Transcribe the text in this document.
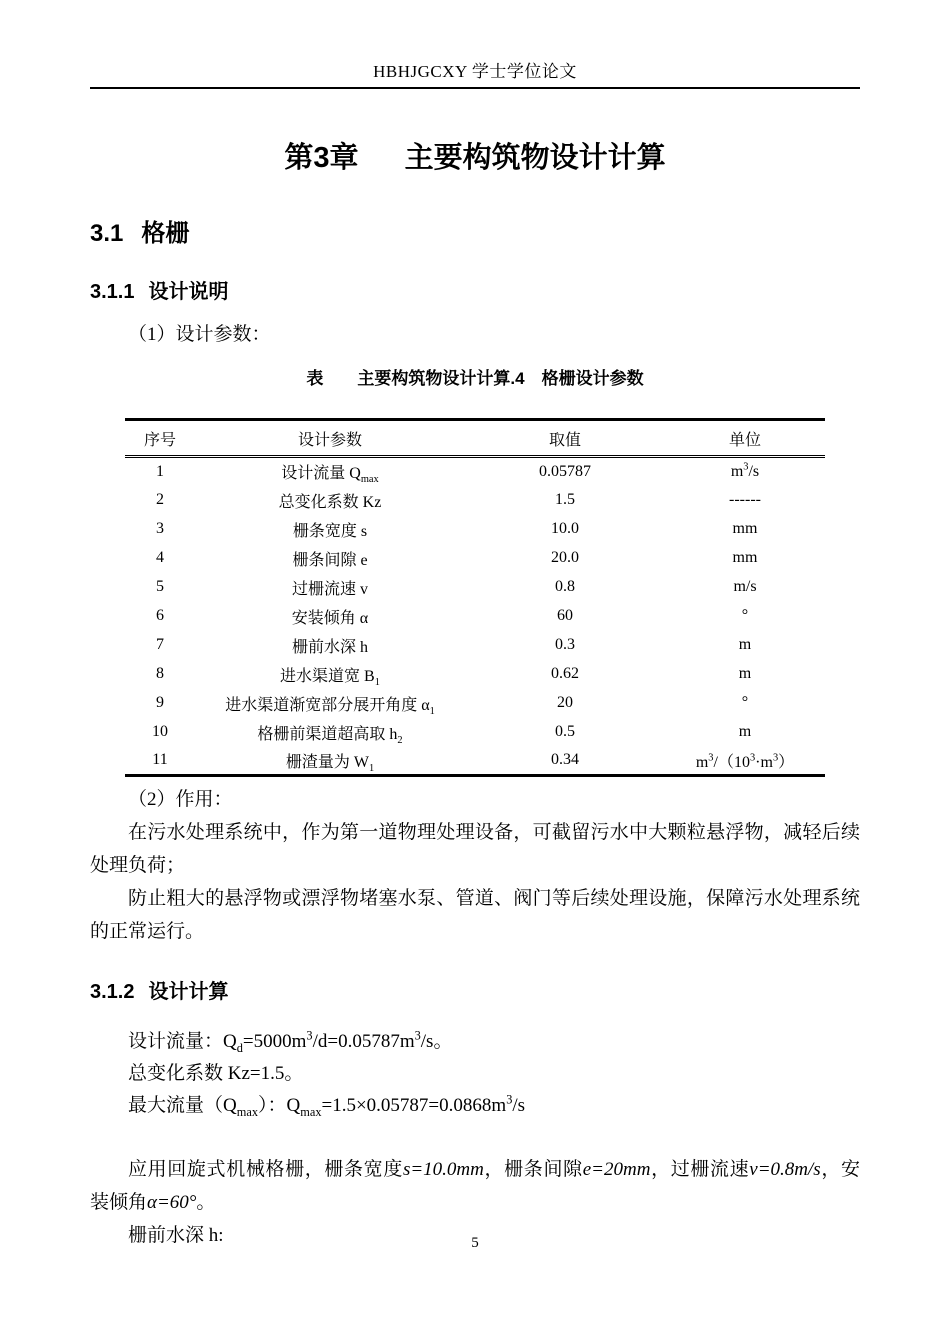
HBHJGCXY 学士学位论文
第3章 主要构筑物设计计算
3.1 格栅
3.1.1 设计说明

（1）设计参数：

表　　主要构筑物设计计算.4　格栅设计参数

序号	设计参数	取值	单位
1	设计流量 $Q_{max}$	0.05787	$m^3/s$
2	总变化系数 Kz	1.5	------
3	栅条宽度 s	10.0	mm
4	栅条间隙 e	20.0	mm
5	过栅流速 v	0.8	m/s
6	安装倾角 α	60	°
7	栅前水深 h	0.3	m
8	进水渠道宽 $B_1$	0.62	m
9	进水渠道渐宽部分展开角度 $\alpha_1$	20	°
10	格栅前渠道超高取 $h_2$	0.5	m
11	栅渣量为 $W_1$	0.34	$m^3/(10^3\cdot m^3)$

（2）作用：

在污水处理系统中，作为第一道物理处理设备，可截留污水中大颗粒悬浮物，减轻后续处理负荷；

防止粗大的悬浮物或漂浮物堵塞水泵、管道、阀门等后续处理设施，保障污水处理系统的正常运行。

3.1.2 设计计算

设计流量：$Q_d=5000m^3/d=0.05787m^3/s$。

总变化系数 Kz=1.5。

最大流量$(Q_{max})$：$Q_{max}=1.5\times 0.05787=0.0868m^3/s$

应用回旋式机械格栅，栅条宽度s=10.0mm，栅条间隙e=20mm，过栅流速v=0.8m/s，安装倾角α=60°。

栅前水深 h:	5
